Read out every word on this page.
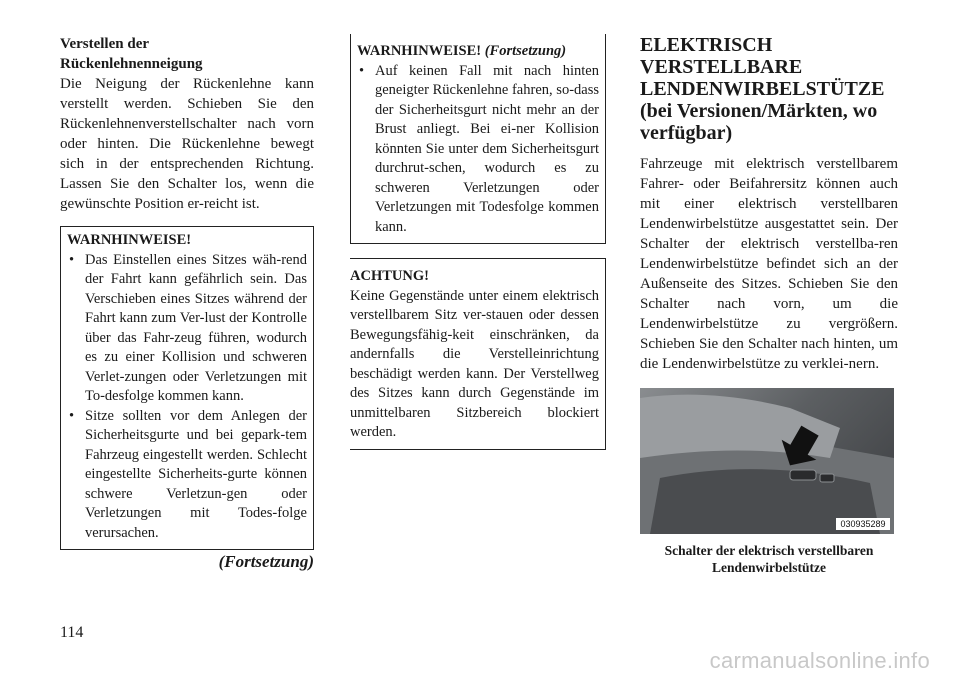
Verstellen der Rückenlehnenneigung

Die Neigung der Rückenlehne kann verstellt werden. Schieben Sie den Rückenlehnenverstellschalter nach vorn oder hinten. Die Rückenlehne bewegt sich in der entsprechenden Richtung. Lassen Sie den Schalter los, wenn die gewünschte Position er-reicht ist.

WARNHINWEISE!
• Das Einstellen eines Sitzes wäh-rend der Fahrt kann gefährlich sein. Das Verschieben eines Sitzes während der Fahrt kann zum Ver-lust der Kontrolle über das Fahr-zeug führen, wodurch es zu einer Kollision und schweren Verlet-zungen oder Verletzungen mit To-desfolge kommen kann.
• Sitze sollten vor dem Anlegen der Sicherheitsgurte und bei gepark-tem Fahrzeug eingestellt werden. Schlecht eingestellte Sicherheits-gurte können schwere Verletzun-gen oder Verletzungen mit Todes-folge verursachen.
(Fortsetzung)
WARNHINWEISE! (Fortsetzung)
• Auf keinen Fall mit nach hinten geneigter Rückenlehne fahren, so-dass der Sicherheitsgurt nicht mehr an der Brust anliegt. Bei ei-ner Kollision könnten Sie unter dem Sicherheitsgurt durchrut-schen, wodurch es zu schweren Verletzungen oder Verletzungen mit Todesfolge kommen kann.
ACHTUNG!
Keine Gegenstände unter einem elektrisch verstellbarem Sitz ver-stauen oder dessen Bewegungsfähig-keit einschränken, da andernfalls die Verstelleinrichtung beschädigt werden kann. Der Verstellweg des Sitzes kann durch Gegenstände im unmittelbaren Sitzbereich blockiert werden.
ELEKTRISCH VERSTELLBARE LENDENWIRBELSTÜTZE (bei Versionen/Märkten, wo verfügbar)

Fahrzeuge mit elektrisch verstellbarem Fahrer- oder Beifahrersitz können auch mit einer elektrisch verstellbaren Lendenwirbelstütze ausgestattet sein. Der Schalter der elektrisch verstellba-ren Lendenwirbelstütze befindet sich an der Außenseite des Sitzes. Schieben Sie den Schalter nach vorn, um die Lendenwirbelstütze zu vergrößern. Schieben Sie den Schalter nach hinten, um die Lendenwirbelstütze zu verklei-nern.

030935289
Schalter der elektrisch verstellbaren Lendenwirbelstütze
114
carmanualsonline.info
